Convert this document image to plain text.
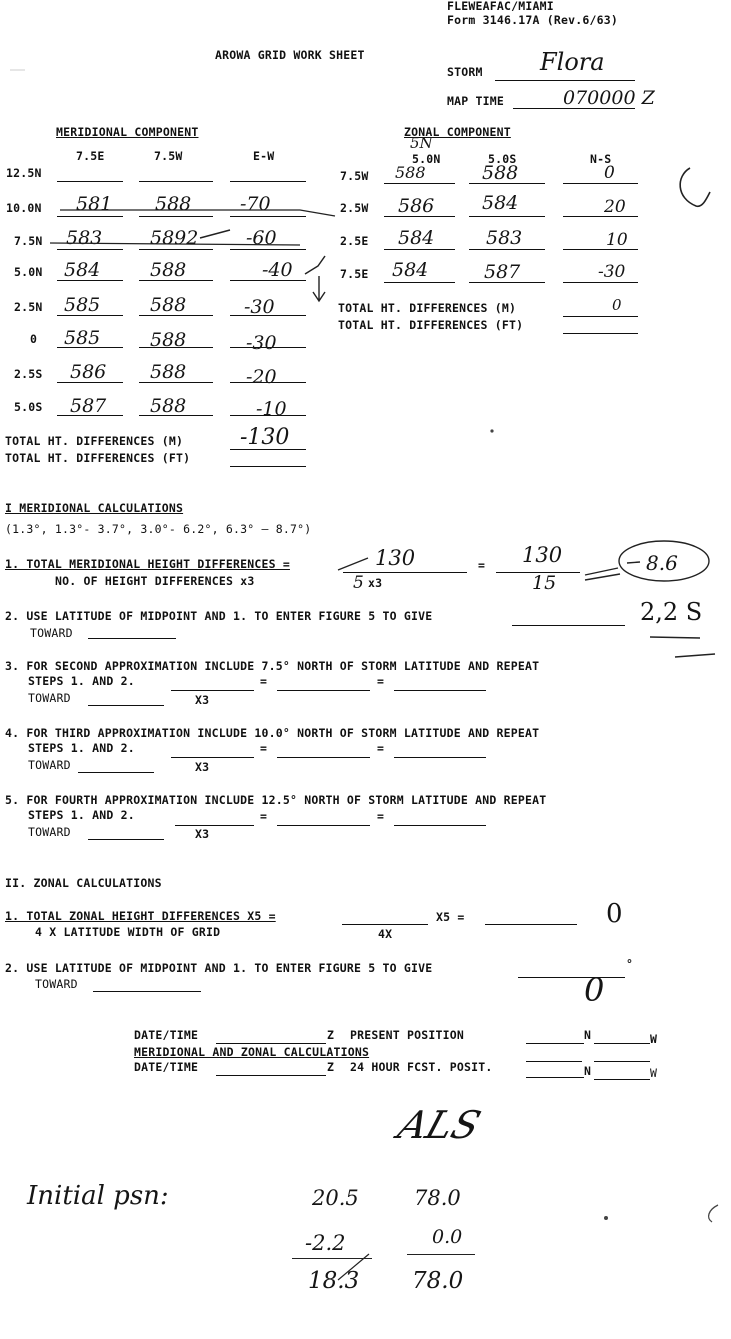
FLEWEAFAC/MIAMI
Form 3146.17A (Rev.6/63)
AROWA GRID WORK SHEET
STORM Flora
MAP TIME	070000 Z
MERIDIONAL COMPONENT
7.5E	7.5W	E-W
12.5N
10.0N 581 588	-70
7.5N 583	5892	-60
5.0N 584	588	-40
2.5N 585	588	-30
0 585	588	-30
2.5S 586 588	-20
5.0S 587 588	-10
TOTAL HT. DIFFERENCES (M)	-130
TOTAL HT. DIFFERENCES (FT)
ZONAL COMPONENT
5.0N
5N
5.0S	N-S
7.5W 588	588	0
2.5W 586	584	20
2.5E 584	583	10
7.5E 584	587	-30
TOTAL HT. DIFFERENCES (M)	0
TOTAL HT. DIFFERENCES (FT)
I MERIDIONAL CALCULATIONS
(1.3°, 1.3°- 3.7°, 3.0°- 6.2°, 6.3° — 8.7°)
1. TOTAL MERIDIONAL HEIGHT DIFFERENCES =
NO. OF HEIGHT DIFFERENCES x3
130
5 x3
= 130
15
8.6
2. USE LATITUDE OF MIDPOINT AND 1. TO ENTER FIGURE 5 TO GIVE
TOWARD
2,2 S
3. FOR SECOND APPROXIMATION INCLUDE 7.5° NORTH OF STORM LATITUDE AND REPEAT
STEPS 1. AND 2.	=	=
TOWARD	X3
4. FOR THIRD APPROXIMATION INCLUDE 10.0° NORTH OF STORM LATITUDE AND REPEAT
STEPS 1. AND 2.	=	=
TOWARD	X3
5. FOR FOURTH APPROXIMATION INCLUDE 12.5° NORTH OF STORM LATITUDE AND REPEAT
STEPS 1. AND 2.	=	=
TOWARD	X3
II. ZONAL CALCULATIONS
1. TOTAL ZONAL HEIGHT DIFFERENCES X5 =	X5 =
4 X LATITUDE WIDTH OF GRID	4X
0
2. USE LATITUDE OF MIDPOINT AND 1. TO ENTER FIGURE 5 TO GIVE	°
TOWARD	0
DATE/TIME	Z PRESENT POSITION	N	W
MERIDIONAL AND ZONAL CALCULATIONS
DATE/TIME	Z 24 HOUR FCST. POSIT.	N	W
ALS
Initial psn:	20.5	78.0
-2.2	0.0
18.3 78.0
